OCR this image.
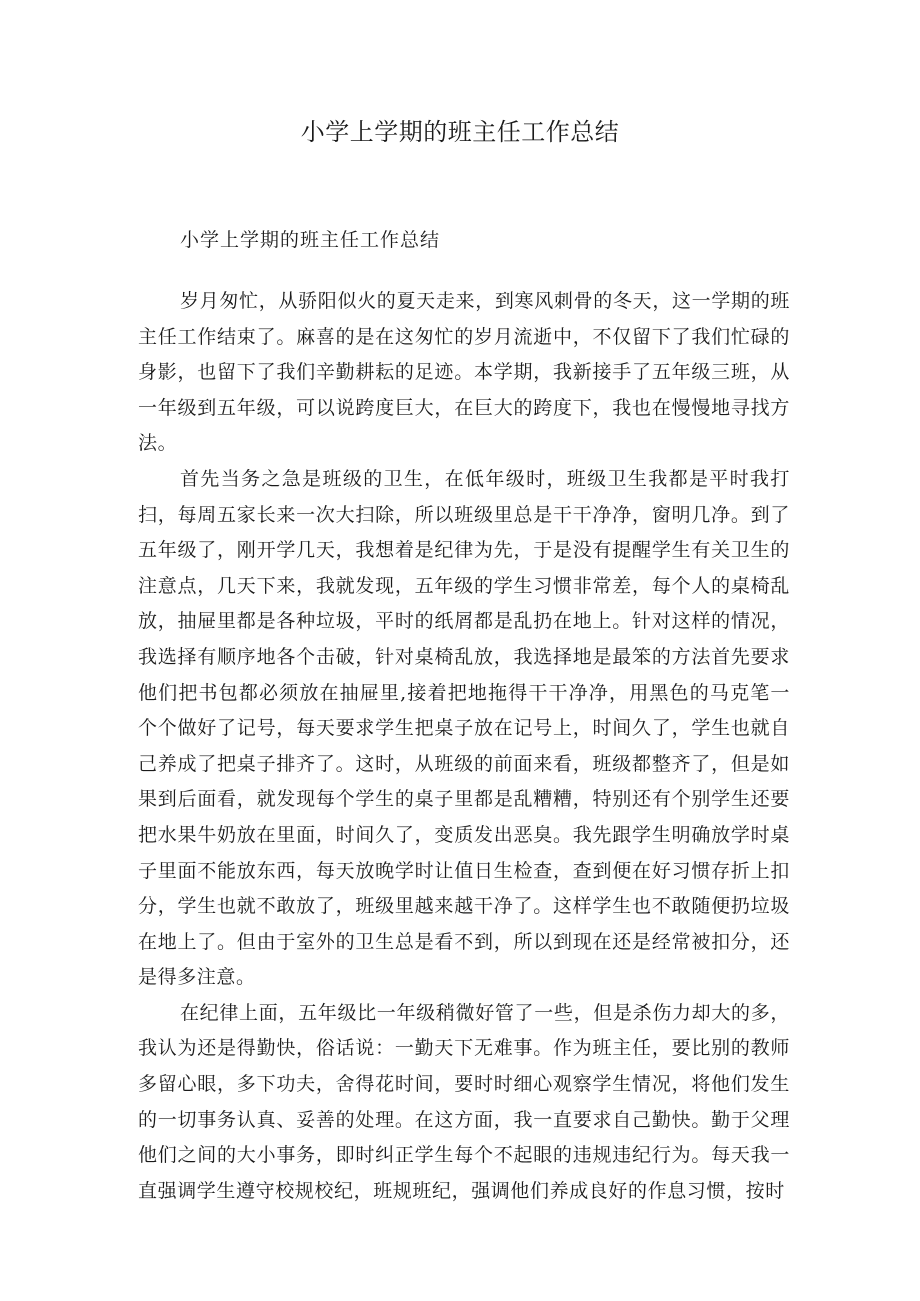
小学上学期的班主任工作总结

小学上学期的班主任工作总结

岁月匆忙，从骄阳似火的夏天走来，到寒风刺骨的冬天，这一学期的班主任工作结束了。麻喜的是在这匆忙的岁月流逝中，不仅留下了我们忙碌的身影，也留下了我们辛勤耕耘的足迹。本学期，我新接手了五年级三班，从一年级到五年级，可以说跨度巨大，在巨大的跨度下，我也在慢慢地寻找方法。

首先当务之急是班级的卫生，在低年级时，班级卫生我都是平时我打扫，每周五家长来一次大扫除，所以班级里总是干干净净，窗明几净。到了五年级了，刚开学几天，我想着是纪律为先，于是没有提醒学生有关卫生的注意点，几天下来，我就发现，五年级的学生习惯非常差，每个人的桌椅乱放，抽屉里都是各种垃圾，平时的纸屑都是乱扔在地上。针对这样的情况，我选择有顺序地各个击破，针对桌椅乱放，我选择地是最笨的方法首先要求他们把书包都必须放在抽屉里,接着把地拖得干干净净，用黑色的马克笔一个个做好了记号，每天要求学生把桌子放在记号上，时间久了，学生也就自己养成了把桌子排齐了。这时，从班级的前面来看，班级都整齐了，但是如果到后面看，就发现每个学生的桌子里都是乱糟糟，特别还有个别学生还要把水果牛奶放在里面，时间久了，变质发出恶臭。我先跟学生明确放学时桌子里面不能放东西，每天放晚学时让值日生检查，查到便在好习惯存折上扣分，学生也就不敢放了，班级里越来越干净了。这样学生也不敢随便扔垃圾在地上了。但由于室外的卫生总是看不到，所以到现在还是经常被扣分，还是得多注意。

在纪律上面，五年级比一年级稍微好管了一些，但是杀伤力却大的多，我认为还是得勤快，俗话说：一勤天下无难事。作为班主任，要比别的教师多留心眼，多下功夫，舍得花时间，要时时细心观察学生情况，将他们发生的一切事务认真、妥善的处理。在这方面，我一直要求自己勤快。勤于父理他们之间的大小事务，即时纠正学生每个不起眼的违规违纪行为。每天我一直强调学生遵守校规校纪，班规班纪，强调他们养成良好的作息习惯，按时
